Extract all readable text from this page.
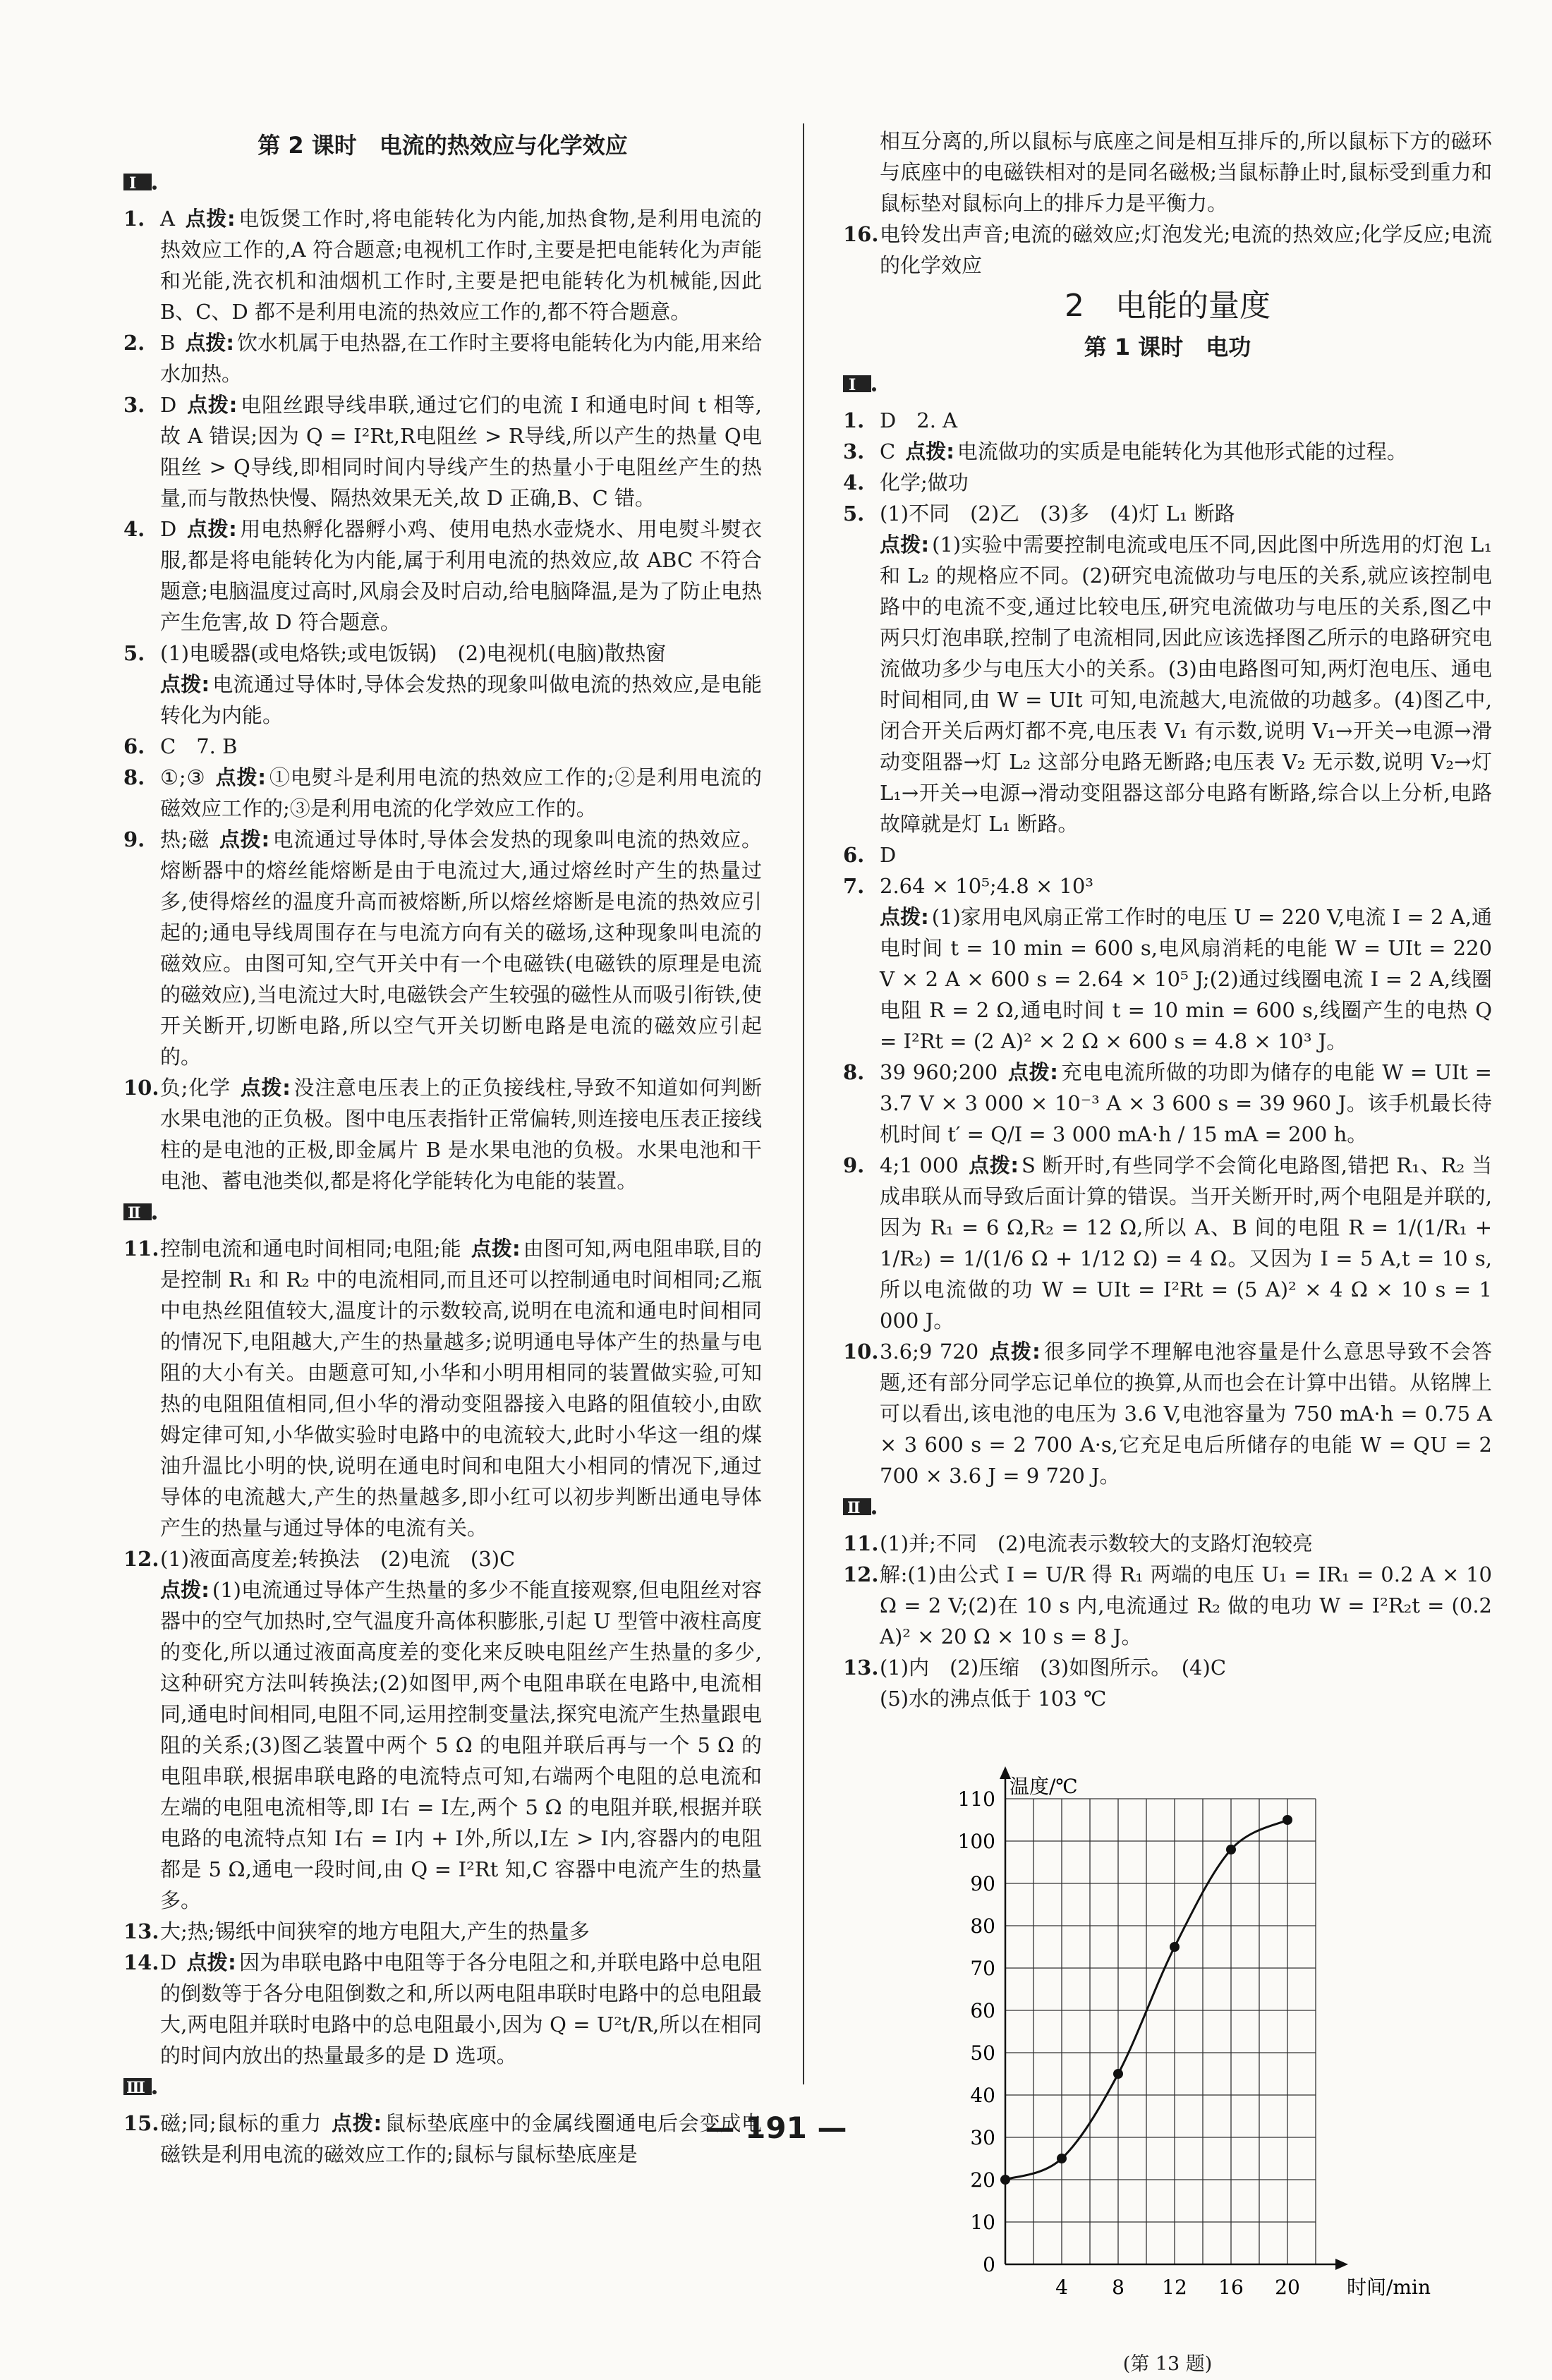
第 2 课时　电流的热效应与化学效应
Ⅰ
1. A 点拨: 电饭煲工作时,将电能转化为内能,加热食物,是利用电流的热效应工作的,A 符合题意;电视机工作时,主要是把电能转化为声能和光能,洗衣机和油烟机工作时,主要是把电能转化为机械能,因此 B、C、D 都不是利用电流的热效应工作的,都不符合题意。
2. B 点拨: 饮水机属于电热器,在工作时主要将电能转化为内能,用来给水加热。
3. D 点拨: 电阻丝跟导线串联,通过它们的电流 I 和通电时间 t 相等,故 A 错误;因为 Q = I²Rt,R电阻丝 > R导线,所以产生的热量 Q电阻丝 > Q导线,即相同时间内导线产生的热量小于电阻丝产生的热量,而与散热快慢、隔热效果无关,故 D 正确,B、C 错。
4. D 点拨: 用电热孵化器孵小鸡、使用电热水壶烧水、用电熨斗熨衣服,都是将电能转化为内能,属于利用电流的热效应,故 ABC 不符合题意;电脑温度过高时,风扇会及时启动,给电脑降温,是为了防止电热产生危害,故 D 符合题意。
5. (1)电暖器(或电烙铁;或电饭锅)　(2)电视机(电脑)散热窗
点拨: 电流通过导体时,导体会发热的现象叫做电流的热效应,是电能转化为内能。
6. C　7. B
8. ①;③ 点拨: ①电熨斗是利用电流的热效应工作的;②是利用电流的磁效应工作的;③是利用电流的化学效应工作的。
9. 热;磁 点拨: 电流通过导体时,导体会发热的现象叫电流的热效应。熔断器中的熔丝能熔断是由于电流过大,通过熔丝时产生的热量过多,使得熔丝的温度升高而被熔断,所以熔丝熔断是电流的热效应引起的;通电导线周围存在与电流方向有关的磁场,这种现象叫电流的磁效应。由图可知,空气开关中有一个电磁铁(电磁铁的原理是电流的磁效应),当电流过大时,电磁铁会产生较强的磁性从而吸引衔铁,使开关断开,切断电路,所以空气开关切断电路是电流的磁效应引起的。
10. 负;化学 点拨: 没注意电压表上的正负接线柱,导致不知道如何判断水果电池的正负极。图中电压表指针正常偏转,则连接电压表正接线柱的是电池的正极,即金属片 B 是水果电池的负极。水果电池和干电池、蓄电池类似,都是将化学能转化为电能的装置。
Ⅱ
11. 控制电流和通电时间相同;电阻;能 点拨: 由图可知,两电阻串联,目的是控制 R₁ 和 R₂ 中的电流相同,而且还可以控制通电时间相同;乙瓶中电热丝阻值较大,温度计的示数较高,说明在电流和通电时间相同的情况下,电阻越大,产生的热量越多;说明通电导体产生的热量与电阻的大小有关。由题意可知,小华和小明用相同的装置做实验,可知热的电阻阻值相同,但小华的滑动变阻器接入电路的阻值较小,由欧姆定律可知,小华做实验时电路中的电流较大,此时小华这一组的煤油升温比小明的快,说明在通电时间和电阻大小相同的情况下,通过导体的电流越大,产生的热量越多,即小红可以初步判断出通电导体产生的热量与通过导体的电流有关。
12. (1)液面高度差;转换法　(2)电流　(3)C
点拨: (1)电流通过导体产生热量的多少不能直接观察,但电阻丝对容器中的空气加热时,空气温度升高体积膨胀,引起 U 型管中液柱高度的变化,所以通过液面高度差的变化来反映电阻丝产生热量的多少,这种研究方法叫转换法;(2)如图甲,两个电阻串联在电路中,电流相同,通电时间相同,电阻不同,运用控制变量法,探究电流产生热量跟电阻的关系;(3)图乙装置中两个 5 Ω 的电阻并联后再与一个 5 Ω 的电阻串联,根据串联电路的电流特点可知,右端两个电阻的总电流和左端的电阻电流相等,即 I右 = I左,两个 5 Ω 的电阻并联,根据并联电路的电流特点知 I右 = I内 + I外,所以,I左 > I内,容器内的电阻都是 5 Ω,通电一段时间,由 Q = I²Rt 知,C 容器中电流产生的热量多。
13. 大;热;锡纸中间狭窄的地方电阻大,产生的热量多
14. D 点拨: 因为串联电路中电阻等于各分电阻之和,并联电路中总电阻的倒数等于各分电阻倒数之和,所以两电阻串联时电路中的总电阻最大,两电阻并联时电路中的总电阻最小,因为 Q = U²t/R,所以在相同的时间内放出的热量最多的是 D 选项。
Ⅲ
15. 磁;同;鼠标的重力 点拨: 鼠标垫底座中的金属线圈通电后会变成电磁铁是利用电流的磁效应工作的;鼠标与鼠标垫底座是
相互分离的,所以鼠标与底座之间是相互排斥的,所以鼠标下方的磁环与底座中的电磁铁相对的是同名磁极;当鼠标静止时,鼠标受到重力和鼠标垫对鼠标向上的排斥力是平衡力。
16. 电铃发出声音;电流的磁效应;灯泡发光;电流的热效应;化学反应;电流的化学效应
2　电能的量度
第 1 课时　电功
Ⅰ
1. D　2. A
3. C 点拨: 电流做功的实质是电能转化为其他形式能的过程。
4. 化学;做功
5. (1)不同　(2)乙　(3)多　(4)灯 L₁ 断路
点拨: (1)实验中需要控制电流或电压不同,因此图中所选用的灯泡 L₁ 和 L₂ 的规格应不同。(2)研究电流做功与电压的关系,就应该控制电路中的电流不变,通过比较电压,研究电流做功与电压的关系,图乙中两只灯泡串联,控制了电流相同,因此应该选择图乙所示的电路研究电流做功多少与电压大小的关系。(3)由电路图可知,两灯泡电压、通电时间相同,由 W = UIt 可知,电流越大,电流做的功越多。(4)图乙中,闭合开关后两灯都不亮,电压表 V₁ 有示数,说明 V₁→开关→电源→滑动变阻器→灯 L₂ 这部分电路无断路;电压表 V₂ 无示数,说明 V₂→灯 L₁→开关→电源→滑动变阻器这部分电路有断路,综合以上分析,电路故障就是灯 L₁ 断路。
6. D
7. 2.64 × 10⁵;4.8 × 10³
点拨: (1)家用电风扇正常工作时的电压 U = 220 V,电流 I = 2 A,通电时间 t = 10 min = 600 s,电风扇消耗的电能 W = UIt = 220 V × 2 A × 600 s = 2.64 × 10⁵ J;(2)通过线圈电流 I = 2 A,线圈电阻 R = 2 Ω,通电时间 t = 10 min = 600 s,线圈产生的电热 Q = I²Rt = (2 A)² × 2 Ω × 600 s = 4.8 × 10³ J。
8. 39 960;200 点拨: 充电电流所做的功即为储存的电能 W = UIt = 3.7 V × 3 000 × 10⁻³ A × 3 600 s = 39 960 J。该手机最长待机时间 t′ = Q/I = 3 000 mA·h / 15 mA = 200 h。
9. 4;1 000 点拨: S 断开时,有些同学不会简化电路图,错把 R₁、R₂ 当成串联从而导致后面计算的错误。当开关断开时,两个电阻是并联的,因为 R₁ = 6 Ω,R₂ = 12 Ω,所以 A、B 间的电阻 R = 1/(1/R₁ + 1/R₂) = 1/(1/6 Ω + 1/12 Ω) = 4 Ω。又因为 I = 5 A,t = 10 s,所以电流做的功 W = UIt = I²Rt = (5 A)² × 4 Ω × 10 s = 1 000 J。
10. 3.6;9 720 点拨: 很多同学不理解电池容量是什么意思导致不会答题,还有部分同学忘记单位的换算,从而也会在计算中出错。从铭牌上可以看出,该电池的电压为 3.6 V,电池容量为 750 mA·h = 0.75 A × 3 600 s = 2 700 A·s,它充足电后所储存的电能 W = QU = 2 700 × 3.6 J = 9 720 J。
Ⅱ
11. (1)并;不同　(2)电流表示数较大的支路灯泡较亮
12. 解:(1)由公式 I = U/R 得 R₁ 两端的电压 U₁ = IR₁ = 0.2 A × 10 Ω = 2 V;(2)在 10 s 内,电流通过 R₂ 做的电功 W = I²R₂t = (0.2 A)² × 20 Ω × 10 s = 8 J。
13. (1)内　(2)压缩　(3)如图所示。　(4)C
(5)水的沸点低于 103 ℃
0
10
20
30
40
50
60
70
80
90
100
110
4 8 12 16 20
温度/℃
时间/min
(第 13 题)
— 191 —
